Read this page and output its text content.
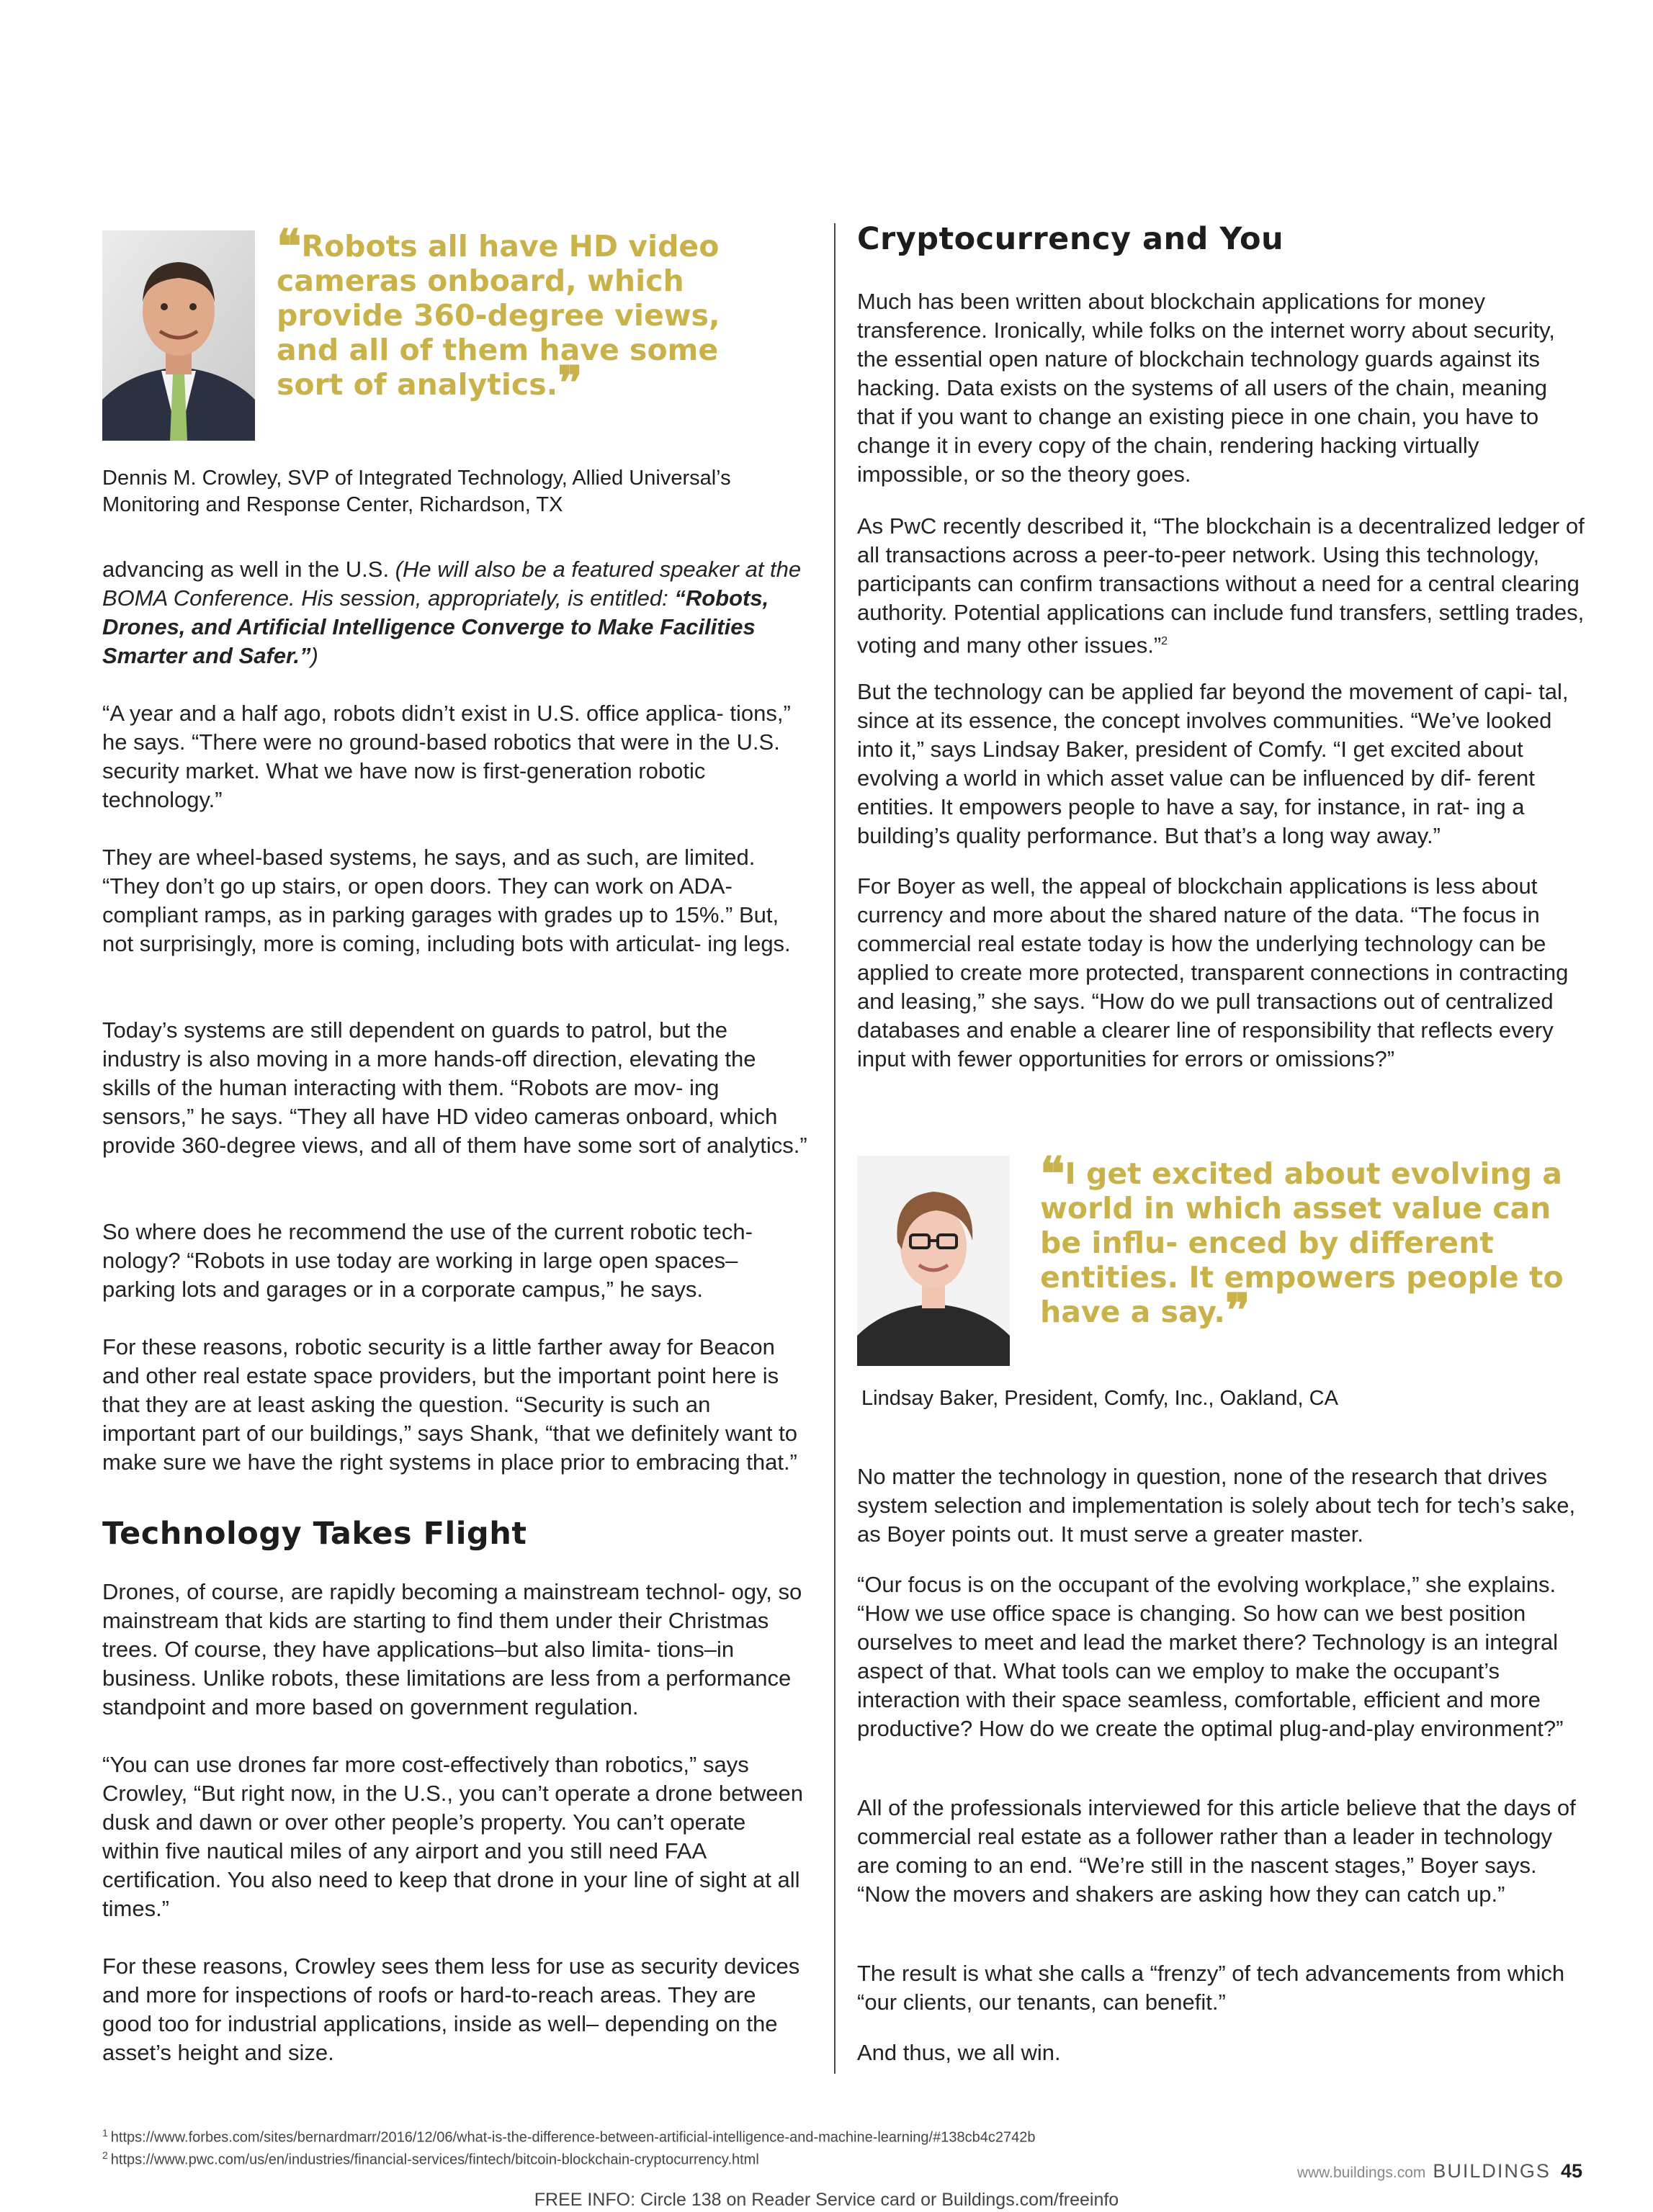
❝Robots all have HD video cameras onboard, which provide 360-degree views, and all of them have some sort of analytics.❞

Dennis M. Crowley, SVP of Integrated Technology, Allied Universal’s Monitoring and Response Center, Richardson, TX

advancing as well in the U.S. (He will also be a featured speaker at the BOMA Conference. His session, appropriately, is entitled: “Robots, Drones, and Artificial Intelligence Converge to Make Facilities Smarter and Safer.”)

“A year and a half ago, robots didn’t exist in U.S. office applica- tions,” he says. “There were no ground-based robotics that were in the U.S. security market. What we have now is first-generation robotic technology.”

They are wheel-based systems, he says, and as such, are limited. “They don’t go up stairs, or open doors. They can work on ADA- compliant ramps, as in parking garages with grades up to 15%.” But, not surprisingly, more is coming, including bots with articulat- ing legs.

Today’s systems are still dependent on guards to patrol, but the industry is also moving in a more hands-off direction, elevating the skills of the human interacting with them. “Robots are mov- ing sensors,” he says. “They all have HD video cameras onboard, which provide 360-degree views, and all of them have some sort of analytics.”

So where does he recommend the use of the current robotic tech- nology? “Robots in use today are working in large open spaces– parking lots and garages or in a corporate campus,” he says.

For these reasons, robotic security is a little farther away for Beacon and other real estate space providers, but the important point here is that they are at least asking the question. “Security is such an important part of our buildings,” says Shank, “that we definitely want to make sure we have the right systems in place prior to embracing that.”

Technology Takes Flight

Drones, of course, are rapidly becoming a mainstream technol- ogy, so mainstream that kids are starting to find them under their Christmas trees. Of course, they have applications–but also limita- tions–in business. Unlike robots, these limitations are less from a performance standpoint and more based on government regulation.

“You can use drones far more cost-effectively than robotics,” says Crowley, “But right now, in the U.S., you can’t operate a drone between dusk and dawn or over other people’s property. You can’t operate within five nautical miles of any airport and you still need FAA certification. You also need to keep that drone in your line of sight at all times.”

For these reasons, Crowley sees them less for use as security devices and more for inspections of roofs or hard-to-reach areas. They are good too for industrial applications, inside as well– depending on the asset’s height and size.

Cryptocurrency and You

Much has been written about blockchain applications for money transference. Ironically, while folks on the internet worry about security, the essential open nature of blockchain technology guards against its hacking. Data exists on the systems of all users of the chain, meaning that if you want to change an existing piece in one chain, you have to change it in every copy of the chain, rendering hacking virtually impossible, or so the theory goes.

As PwC recently described it, “The blockchain is a decentralized ledger of all transactions across a peer-to-peer network. Using this technology, participants can confirm transactions without a need for a central clearing authority. Potential applications can include fund transfers, settling trades, voting and many other issues.”$^2$

But the technology can be applied far beyond the movement of capi- tal, since at its essence, the concept involves communities. “We’ve looked into it,” says Lindsay Baker, president of Comfy. “I get excited about evolving a world in which asset value can be influenced by dif- ferent entities. It empowers people to have a say, for instance, in rat- ing a building’s quality performance. But that’s a long way away.”

For Boyer as well, the appeal of blockchain applications is less about currency and more about the shared nature of the data. “The focus in commercial real estate today is how the underlying technology can be applied to create more protected, transparent connections in contracting and leasing,” she says. “How do we pull transactions out of centralized databases and enable a clearer line of responsibility that reflects every input with fewer opportunities for errors or omissions?”

❝I get excited about evolving a world in which asset value can be influ- enced by different entities. It empowers people to have a say.❞

Lindsay Baker, President, Comfy, Inc., Oakland, CA

No matter the technology in question, none of the research that drives system selection and implementation is solely about tech for tech’s sake, as Boyer points out. It must serve a greater master.

“Our focus is on the occupant of the evolving workplace,” she explains. “How we use office space is changing. So how can we best position ourselves to meet and lead the market there? Technology is an integral aspect of that. What tools can we employ to make the occupant’s interaction with their space seamless, comfortable, efficient and more productive? How do we create the optimal plug-and-play environment?”

All of the professionals interviewed for this article believe that the days of commercial real estate as a follower rather than a leader in technology are coming to an end. “We’re still in the nascent stages,” Boyer says. “Now the movers and shakers are asking how they can catch up.”

The result is what she calls a “frenzy” of tech advancements from which “our clients, our tenants, can benefit.”

And thus, we all win.

$^1$ https://www.forbes.com/sites/bernardmarr/2016/12/06/what-is-the-difference-between-artificial-intelligence-and-machine-learning/#138cb4c2742b
$^2$ https://www.pwc.com/us/en/industries/financial-services/fintech/bitcoin-blockchain-cryptocurrency.html
www.buildings.com BUILDINGS 45
FREE INFO: Circle 138 on Reader Service card or Buildings.com/freeinfo
